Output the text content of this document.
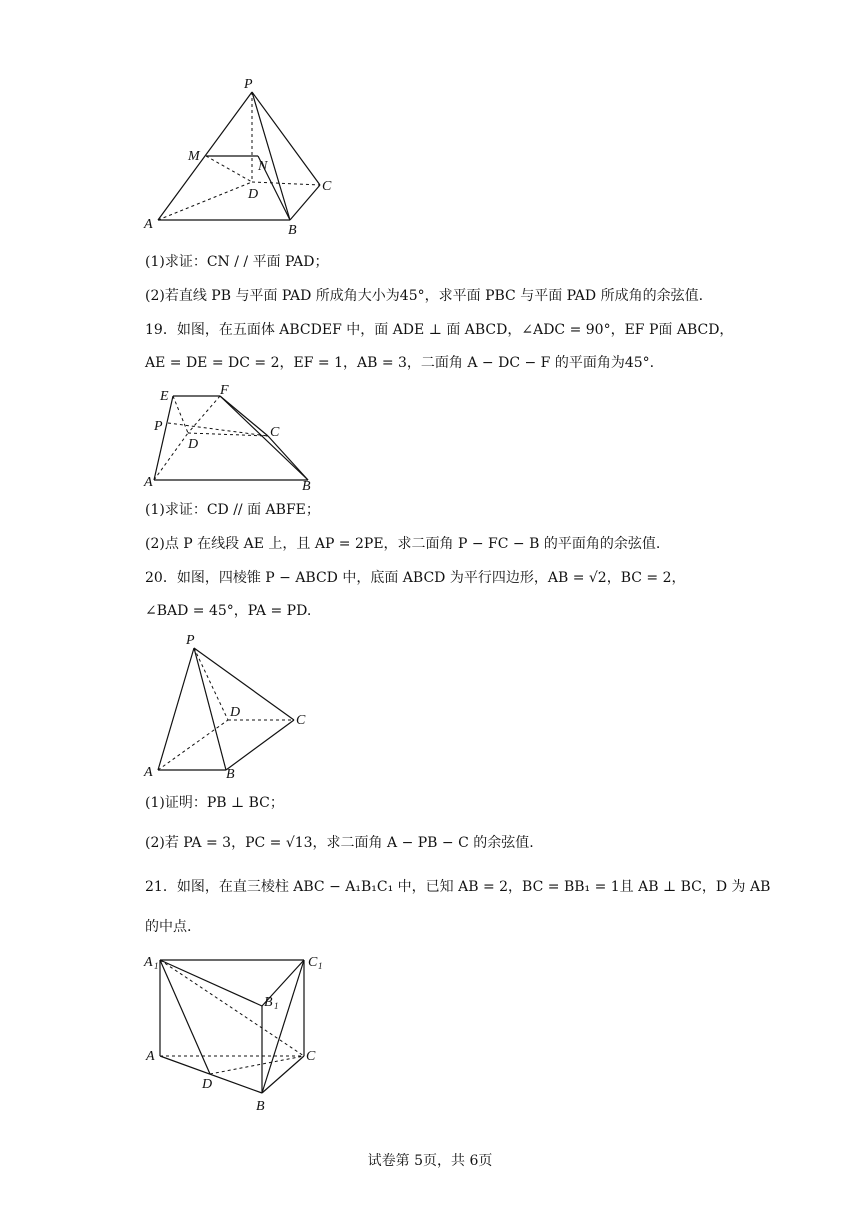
P
M
N
D
C
A	B
(1)求证：CN / / 平面 PAD；
(2)若直线 PB 与平面 PAD 所成角大小为45°，求平面 PBC 与平面 PAD 所成角的余弦值.
19．如图，在五面体 ABCDEF 中，面 ADE ⊥ 面 ABCD，∠ADC = 90°，EF P面 ABCD，
AE = DE = DC = 2，EF = 1，AB = 3，二面角 A − DC − F 的平面角为45°.
E	F
P	C
D
A	B
(1)求证：CD // 面 ABFE；
(2)点 P 在线段 AE 上，且 AP = 2PE，求二面角 P − FC − B 的平面角的余弦值.
20．如图，四棱锥 P − ABCD 中，底面 ABCD 为平行四边形，AB = √2，BC = 2，
∠BAD = 45°，PA = PD.
P
D
C
A	B
(1)证明：PB ⊥ BC；
(2)若 PA = 3，PC = √13，求二面角 A − PB − C 的余弦值.
21．如图，在直三棱柱 ABC − A₁B₁C₁ 中，已知 AB = 2，BC = BB₁ = 1且 AB ⊥ BC，D 为 AB
的中点.
A 1	C 1
B 1
A	C
D
B
试卷第 5页，共 6页
